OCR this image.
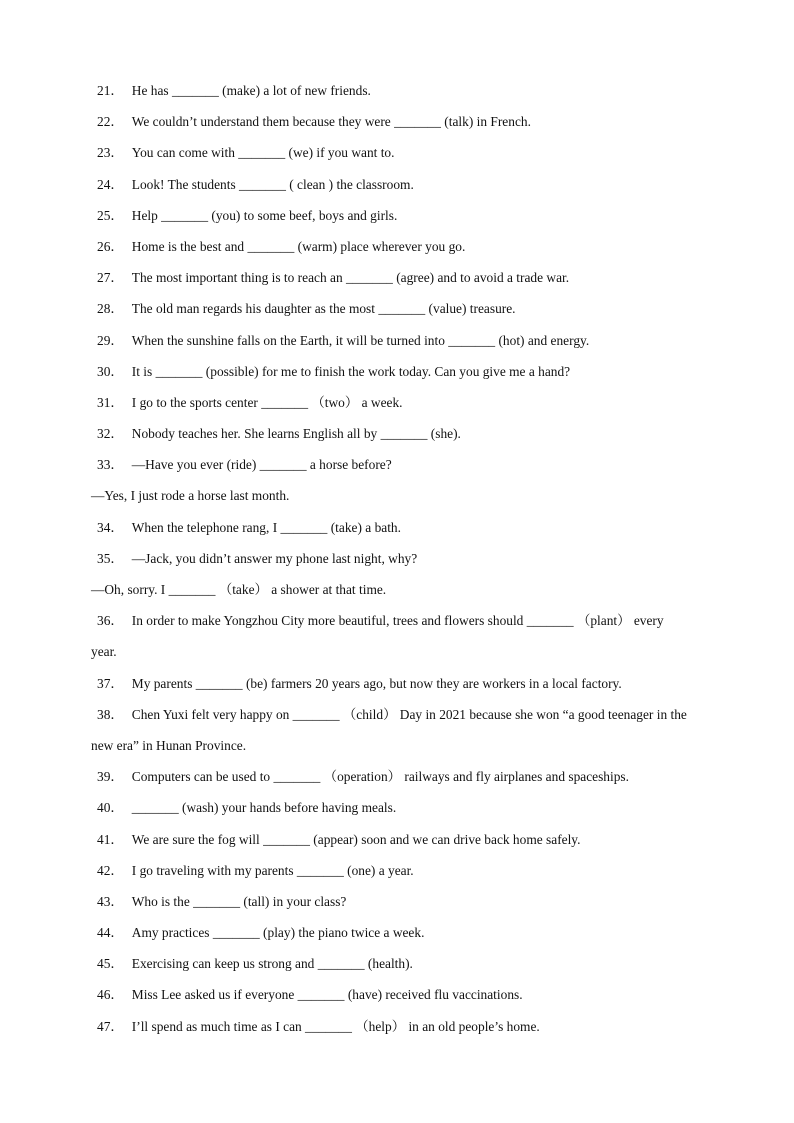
21． He has _______ (make) a lot of new friends.
22． We couldn’t understand them because they were _______ (talk) in French.
23． You can come with _______ (we) if you want to.
24． Look! The students _______ ( clean ) the classroom.
25． Help _______ (you) to some beef, boys and girls.
26． Home is the best and _______ (warm) place wherever you go.
27． The most important thing is to reach an _______ (agree) and to avoid a trade war.
28． The old man regards his daughter as the most _______ (value) treasure.
29． When the sunshine falls on the Earth, it will be turned into _______ (hot) and energy.
30． It is _______ (possible) for me to finish the work today. Can you give me a hand?
31． I go to the sports center _______ （two） a week.
32． Nobody teaches her. She learns English all by _______ (she).
33． —Have you ever (ride) _______ a horse before?
—Yes, I just rode a horse last month.
34． When the telephone rang, I _______ (take) a bath.
35． —Jack, you didn’t answer my phone last night, why?
—Oh, sorry. I _______ （take） a shower at that time.
36． In order to make Yongzhou City more beautiful, trees and flowers should _______ （plant） every
year.
37． My parents _______ (be) farmers 20 years ago, but now they are workers in a local factory.
38． Chen Yuxi felt very happy on _______ （child） Day in 2021 because she won “a good teenager in the
new era” in Hunan Province.
39． Computers can be used to _______ （operation） railways and fly airplanes and spaceships.
40． _______ (wash) your hands before having meals.
41． We are sure the fog will _______ (appear) soon and we can drive back home safely.
42． I go traveling with my parents _______ (one) a year.
43． Who is the _______ (tall) in your class?
44． Amy practices _______ (play) the piano twice a week.
45． Exercising can keep us strong and _______ (health).
46． Miss Lee asked us if everyone _______ (have) received flu vaccinations.
47． I’ll spend as much time as I can _______ （help） in an old people’s home.
